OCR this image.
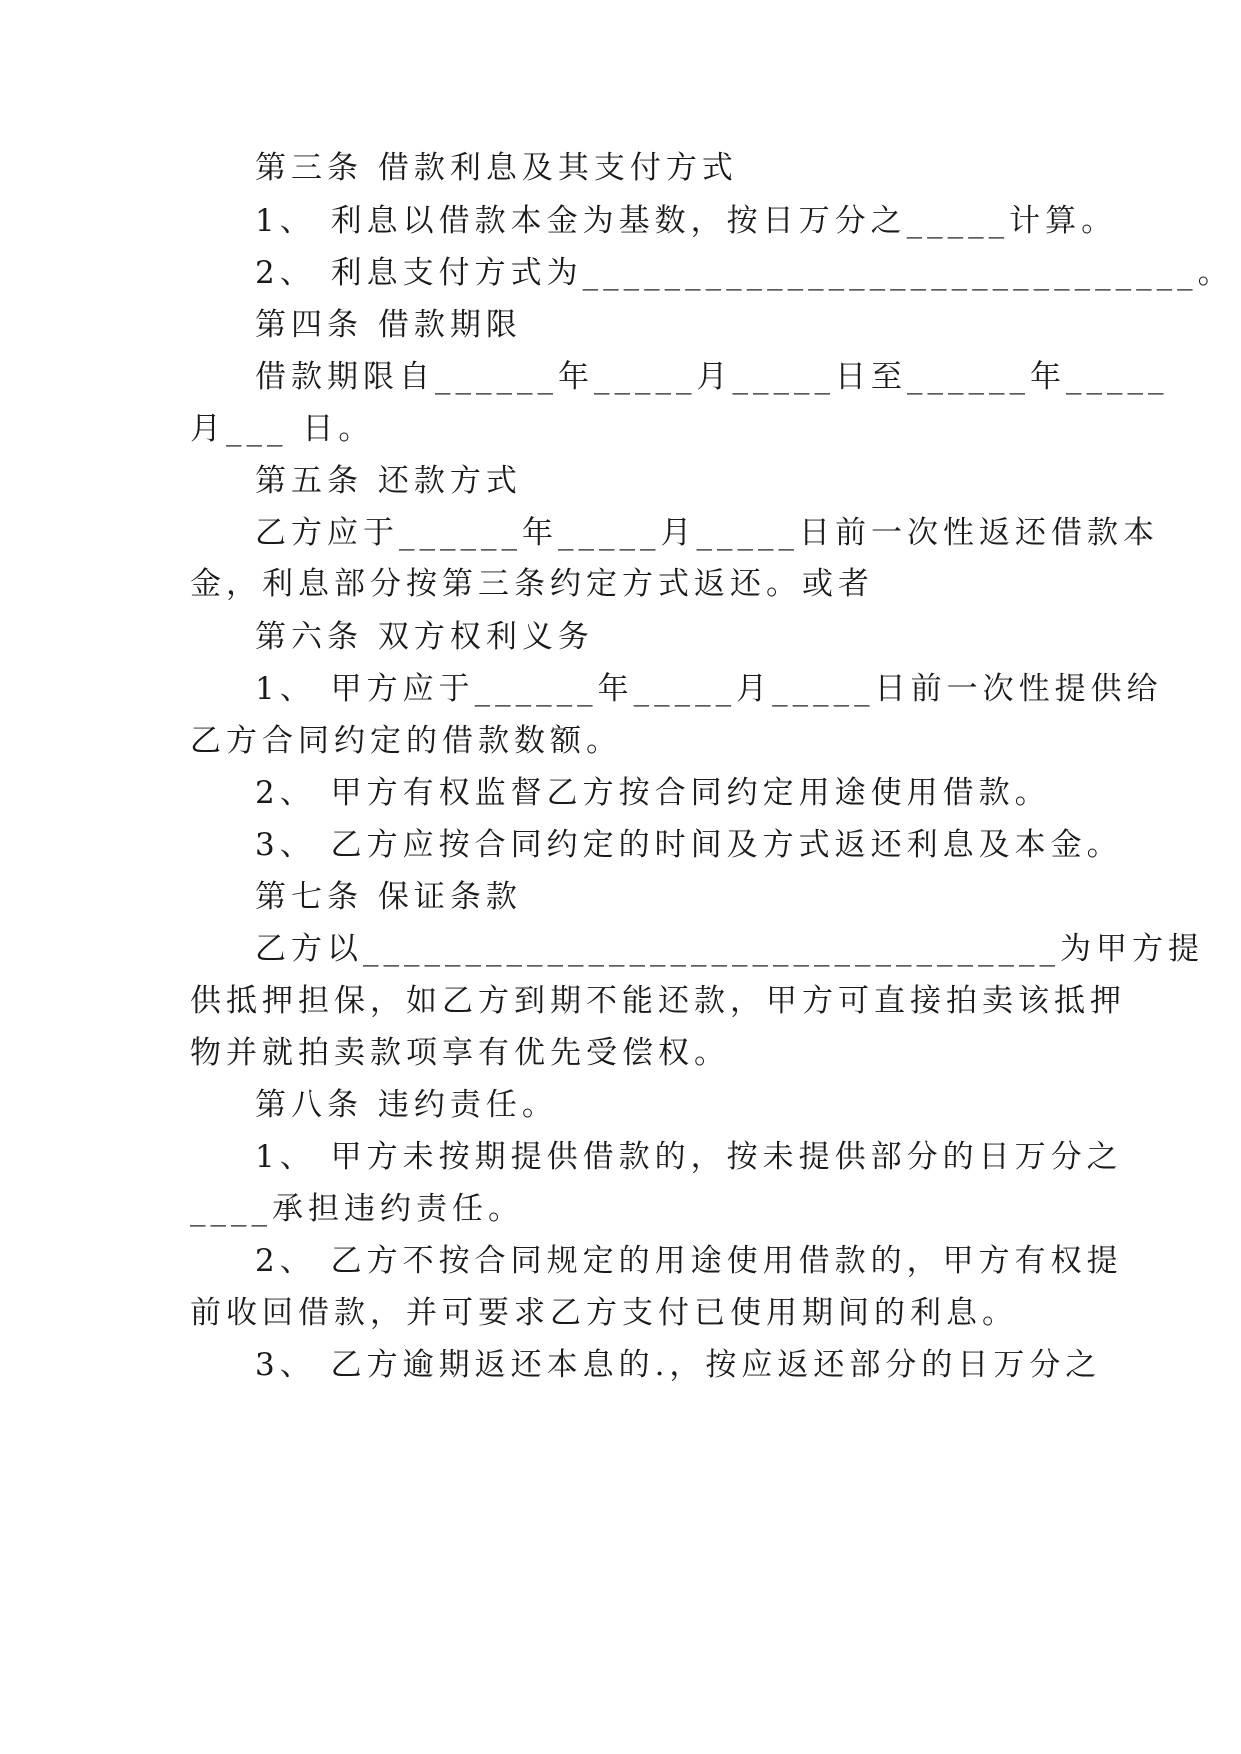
第三条 借款利息及其支付方式
1、 利息以借款本金为基数，按日万分之_____计算。
2、 利息支付方式为______________________________。
第四条 借款期限
借款期限自______年_____月_____日至______年_____
月___ 日。
第五条 还款方式
乙方应于______年_____月_____日前一次性返还借款本
金，利息部分按第三条约定方式返还。或者
第六条 双方权利义务
1、 甲方应于______年_____月_____日前一次性提供给
乙方合同约定的借款数额。
2、 甲方有权监督乙方按合同约定用途使用借款。
3、 乙方应按合同约定的时间及方式返还利息及本金。
第七条 保证条款
乙方以__________________________________为甲方提
供抵押担保，如乙方到期不能还款，甲方可直接拍卖该抵押
物并就拍卖款项享有优先受偿权。
第八条 违约责任。
1、 甲方未按期提供借款的，按未提供部分的日万分之
____承担违约责任。
2、 乙方不按合同规定的用途使用借款的，甲方有权提
前收回借款，并可要求乙方支付已使用期间的利息。
3、 乙方逾期返还本息的.，按应返还部分的日万分之
